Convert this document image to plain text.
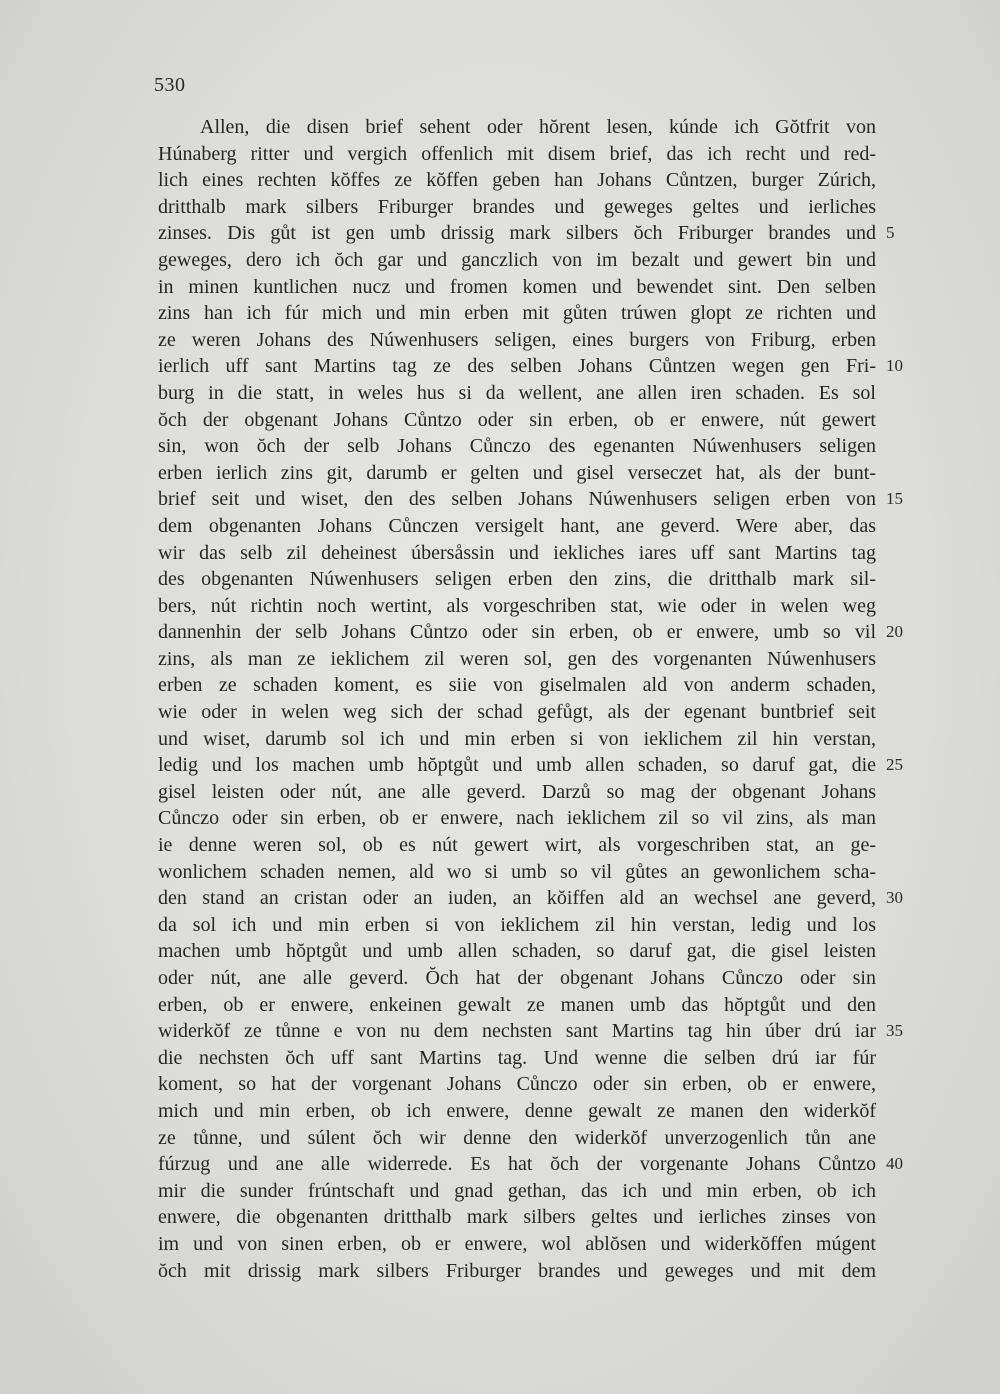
530
Allen, die disen brief sehent oder hŏrent lesen, kúnde ich Gŏtfrit von
Húnaberg ritter und vergich offenlich mit disem brief, das ich recht und red-
lich eines rechten kŏffes ze kŏffen geben han Johans Cůntzen, burger Zúrich,
dritthalb mark silbers Friburger brandes und geweges geltes und ierliches
zinses. Dis gůt ist gen umb drissig mark silbers ŏch Friburger brandes und 5
geweges, dero ich ŏch gar und ganczlich von im bezalt und gewert bin und
in minen kuntlichen nucz und fromen komen und bewendet sint. Den selben
zins han ich fúr mich und min erben mit gůten trúwen glopt ze richten und
ze weren Johans des Núwenhusers seligen, eines burgers von Friburg, erben
ierlich uff sant Martins tag ze des selben Johans Cůntzen wegen gen Fri- 10
burg in die statt, in weles hus si da wellent, ane allen iren schaden. Es sol
ŏch der obgenant Johans Cůntzo oder sin erben, ob er enwere, nút gewert
sin, won ŏch der selb Johans Cůnczo des egenanten Núwenhusers seligen
erben ierlich zins git, darumb er gelten und gisel verseczet hat, als der bunt-
brief seit und wiset, den des selben Johans Núwenhusers seligen erben von 15
dem obgenanten Johans Cůnczen versigelt hant, ane geverd. Were aber, das
wir das selb zil deheinest úbersåssin und iekliches iares uff sant Martins tag
des obgenanten Núwenhusers seligen erben den zins, die dritthalb mark sil-
bers, nút richtin noch wertint, als vorgeschriben stat, wie oder in welen weg
dannenhin der selb Johans Cůntzo oder sin erben, ob er enwere, umb so vil 20
zins, als man ze ieklichem zil weren sol, gen des vorgenanten Núwenhusers
erben ze schaden koment, es siie von giselmalen ald von anderm schaden,
wie oder in welen weg sich der schad gefůgt, als der egenant buntbrief seit
und wiset, darumb sol ich und min erben si von ieklichem zil hin verstan,
ledig und los machen umb hŏptgůt und umb allen schaden, so daruf gat, die 25
gisel leisten oder nút, ane alle geverd. Darzů so mag der obgenant Johans
Cůnczo oder sin erben, ob er enwere, nach ieklichem zil so vil zins, als man
ie denne weren sol, ob es nút gewert wirt, als vorgeschriben stat, an ge-
wonlichem schaden nemen, ald wo si umb so vil gůtes an gewonlichem scha-
den stand an cristan oder an iuden, an kŏiffen ald an wechsel ane geverd, 30
da sol ich und min erben si von ieklichem zil hin verstan, ledig und los
machen umb hŏptgůt und umb allen schaden, so daruf gat, die gisel leisten
oder nút, ane alle geverd. Ŏch hat der obgenant Johans Cůnczo oder sin
erben, ob er enwere, enkeinen gewalt ze manen umb das hŏptgůt und den
widerkŏf ze tůnne e von nu dem nechsten sant Martins tag hin úber drú iar 35
die nechsten ŏch uff sant Martins tag. Und wenne die selben drú iar fúr
koment, so hat der vorgenant Johans Cůnczo oder sin erben, ob er enwere,
mich und min erben, ob ich enwere, denne gewalt ze manen den widerkŏf
ze tůnne, und súlent ŏch wir denne den widerkŏf unverzogenlich tůn ane
fúrzug und ane alle widerrede. Es hat ŏch der vorgenante Johans Cůntzo 40
mir die sunder frúntschaft und gnad gethan, das ich und min erben, ob ich
enwere, die obgenanten dritthalb mark silbers geltes und ierliches zinses von
im und von sinen erben, ob er enwere, wol ablŏsen und widerkŏffen múgent
ŏch mit drissig mark silbers Friburger brandes und geweges und mit dem
